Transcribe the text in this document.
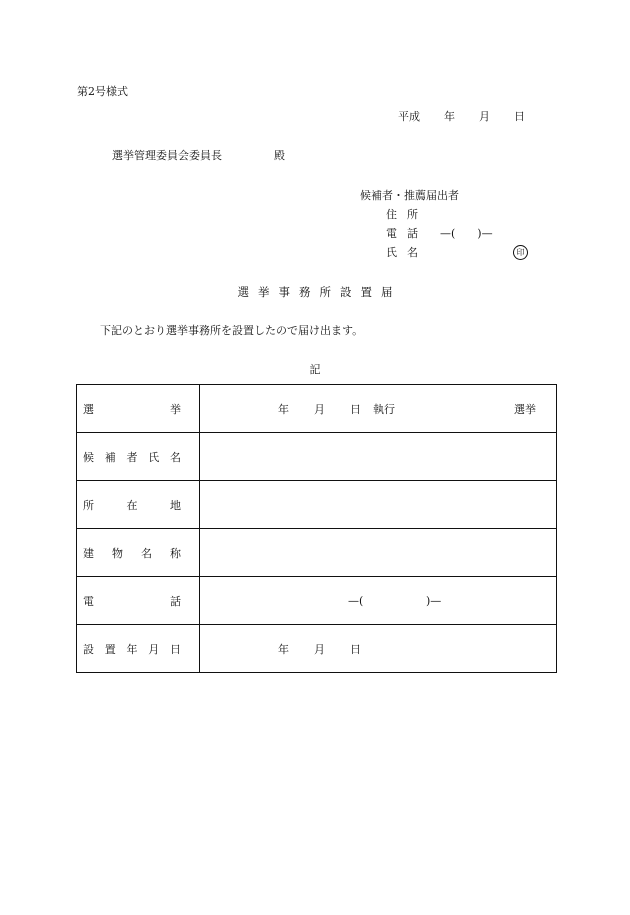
第2号様式
平成 年 月 日
選挙管理委員会委員長	殿
候補者・推薦届出者
住所
電話 —(　　)—
氏名	印
選挙事務所設置届
下記のとおり選挙事務所を設置したので届け出ます。
記
選 挙	年 月 日 執行 選挙

候 補 者 氏 名	

所 在 地	

建 物 名 称	

電 話	—( )—

設 置 年 月 日	年 月 日
